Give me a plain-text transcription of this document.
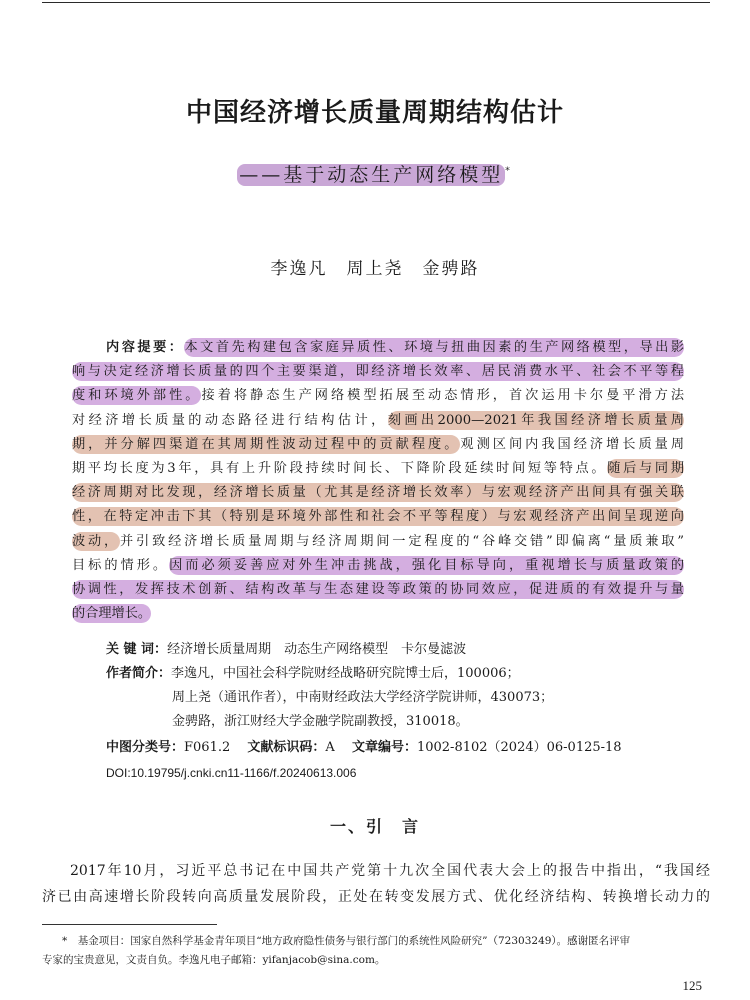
中国经济增长质量周期结构估计
——基于动态生产网络模型 *
李逸凡　周上尧　金骋路
内容提要：本文首先构建包含家庭异质性、环境与扭曲因素的生产网络模型，导出影
响与决定经济增长质量的四个主要渠道，即经济增长效率、居民消费水平、社会不平等程
度和环境外部性。接着将静态生产网络模型拓展至动态情形，首次运用卡尔曼平滑方法
对经济增长质量的动态路径进行结构估计，刻画出2000—2021年我国经济增长质量周
期，并分解四渠道在其周期性波动过程中的贡献程度。观测区间内我国经济增长质量周
期平均长度为3年，具有上升阶段持续时间长、下降阶段延续时间短等特点。随后与同期
经济周期对比发现，经济增长质量（尤其是经济增长效率）与宏观经济产出间具有强关联
性，在特定冲击下其（特别是环境外部性和社会不平等程度）与宏观经济产出间呈现逆向
波动，并引致经济增长质量周期与经济周期间一定程度的“谷峰交错”即偏离“量质兼取”
目标的情形。因而必须妥善应对外生冲击挑战，强化目标导向，重视增长与质量政策的
协调性，发挥技术创新、结构改革与生态建设等政策的协同效应，促进质的有效提升与量
的合理增长。
关 键 词：经济增长质量周期　动态生产网络模型　卡尔曼滤波
作者简介：李逸凡，中国社会科学院财经战略研究院博士后，100006；
周上尧（通讯作者），中南财经政法大学经济学院讲师，430073；
金骋路，浙江财经大学金融学院副教授，310018。
中图分类号：F061.2　 文献标识码：A　 文章编号：1002-8102（2024）06-0125-18
DOI:10.19795/j.cnki.cn11-1166/f.20240613.006
一、引　言
2017年10月，习近平总书记在中国共产党第十九次全国代表大会上的报告中指出，“我国经
济已由高速增长阶段转向高质量发展阶段，正处在转变发展方式、优化经济结构、转换增长动力的
*　基金项目：国家自然科学基金青年项目“地方政府隐性债务与银行部门的系统性风险研究”（72303249）。感谢匿名评审
专家的宝贵意见，文责自负。李逸凡电子邮箱：yifanjacob@sina.com。
125
